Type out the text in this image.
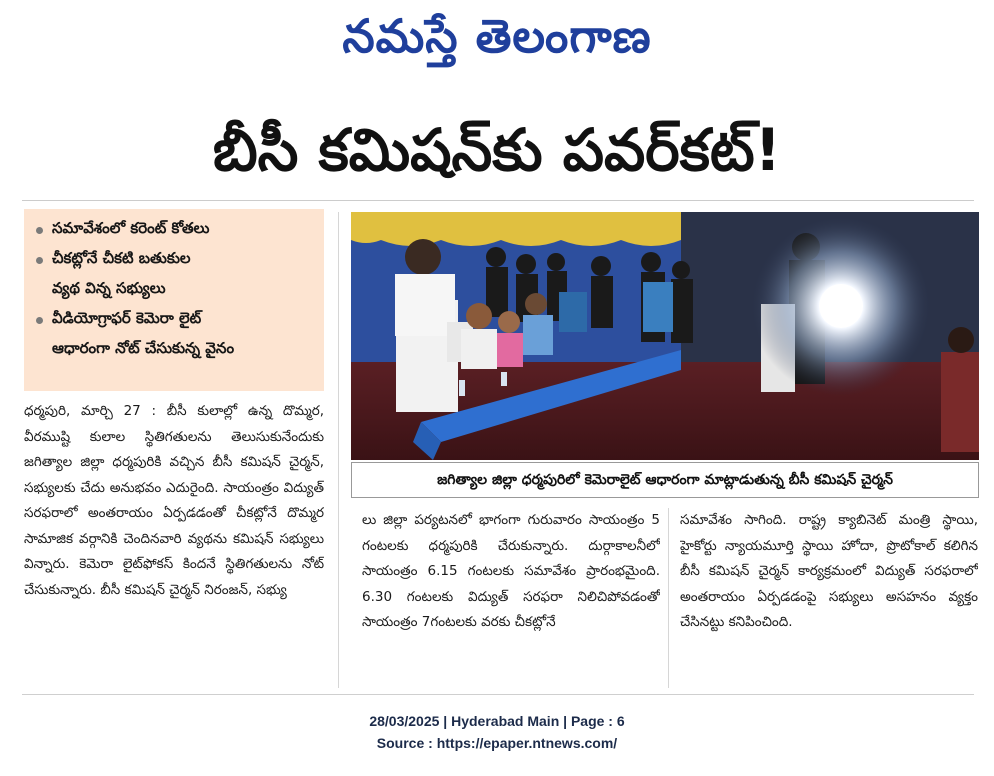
నమస్తే తెలంగాణ
బీసీ కమిషన్‌కు పవర్‌కట్‌!
సమావేశంలో కరెంట్‌ కోతలు
చీకట్లోనే చీకటి బతుకుల
వ్యథ విన్న సభ్యులు
వీడియోగ్రాఫర్‌ కెమెరా లైట్‌
ఆధారంగా నోట్‌ చేసుకున్న వైనం
జగిత్యాల జిల్లా ధర్మపురిలో కెమెరాలైట్‌ ఆధారంగా మాట్లాడుతున్న బీసీ కమిషన్‌ చైర్మన్‌
ధర్మపురి, మార్చి 27 : బీసీ కులాల్లో ఉన్న దొమ్మర, వీరముష్టి కులాల స్థితిగతులను తెలుసుకునేందుకు జగిత్యాల జిల్లా ధర్మపురికి వచ్చిన బీసీ కమిషన్‌ చైర్మన్‌, సభ్యులకు చేదు అనుభవం ఎదురైంది. సాయంత్రం విద్యుత్‌ సరఫరాలో అంతరాయం ఏర్పడడంతో చీకట్లోనే దొమ్మర సామాజిక వర్గానికి చెందినవారి వ్యథను కమిషన్‌ సభ్యులు విన్నారు. కెమెరా లైట్‌ఫోకస్‌ కిందనే స్థితిగతులను నోట్‌ చేసుకున్నారు. బీసీ కమిషన్‌ చైర్మన్‌ నిరంజన్‌, సభ్యు
లు జిల్లా పర్యటనలో భాగంగా గురువారం సాయంత్రం 5 గంటలకు ధర్మపురికి చేరుకున్నారు. దుర్గాకాలనీలో సాయంత్రం 6.15 గంటలకు సమావేశం ప్రారంభమైంది. 6.30 గంటలకు విద్యుత్‌ సరఫరా నిలిచిపోవడంతో సాయంత్రం 7గంటలకు వరకు చీకట్లోనే
సమావేశం సాగింది. రాష్ట్ర క్యాబినెట్‌ మంత్రి స్థాయి, హైకోర్టు న్యాయమూర్తి స్థాయి హోదా, ప్రొటోకాల్‌ కలిగిన బీసీ కమిషన్‌ చైర్మన్‌ కార్యక్రమంలో విద్యుత్‌ సరఫరాలో అంతరాయం ఏర్పడడంపై సభ్యులు అసహనం వ్యక్తం చేసినట్టు కనిపించింది.
28/03/2025 | Hyderabad Main | Page : 6
Source : https://epaper.ntnews.com/
